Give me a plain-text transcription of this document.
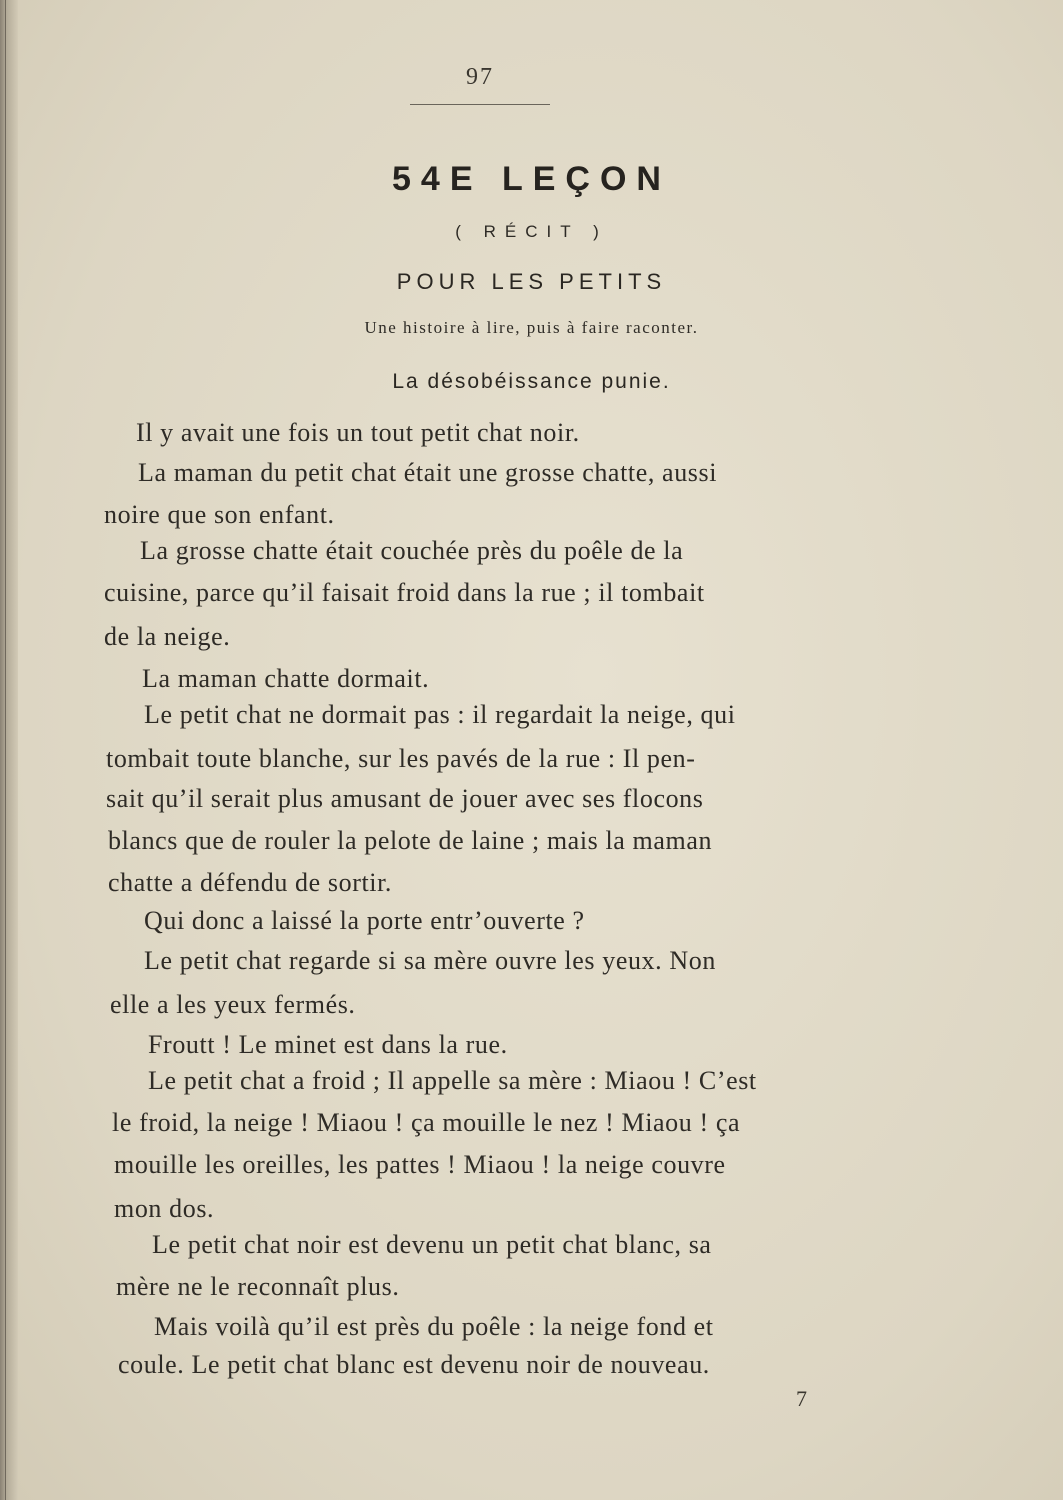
97
54E LEÇON
( RÉCIT )
POUR LES PETITS
Une histoire à lire, puis à faire raconter.
La désobéissance punie.
Il y avait une fois un tout petit chat noir.
La maman du petit chat était une grosse chatte, aussi
noire que son enfant.
La grosse chatte était couchée près du poêle de la
cuisine, parce qu’il faisait froid dans la rue ; il tombait
de la neige.
La maman chatte dormait.
Le petit chat ne dormait pas : il regardait la neige, qui
tombait toute blanche, sur les pavés de la rue : Il pen-
sait qu’il serait plus amusant de jouer avec ses flocons
blancs que de rouler la pelote de laine ; mais la maman
chatte a défendu de sortir.
Qui donc a laissé la porte entr’ouverte ?
Le petit chat regarde si sa mère ouvre les yeux. Non
elle a les yeux fermés.
Froutt ! Le minet est dans la rue.
Le petit chat a froid ; Il appelle sa mère : Miaou ! C’est
le froid, la neige ! Miaou ! ça mouille le nez ! Miaou ! ça
mouille les oreilles, les pattes ! Miaou ! la neige couvre
mon dos.
Le petit chat noir est devenu un petit chat blanc, sa
mère ne le reconnaît plus.
Mais voilà qu’il est près du poêle : la neige fond et
coule. Le petit chat blanc est devenu noir de nouveau.
7
